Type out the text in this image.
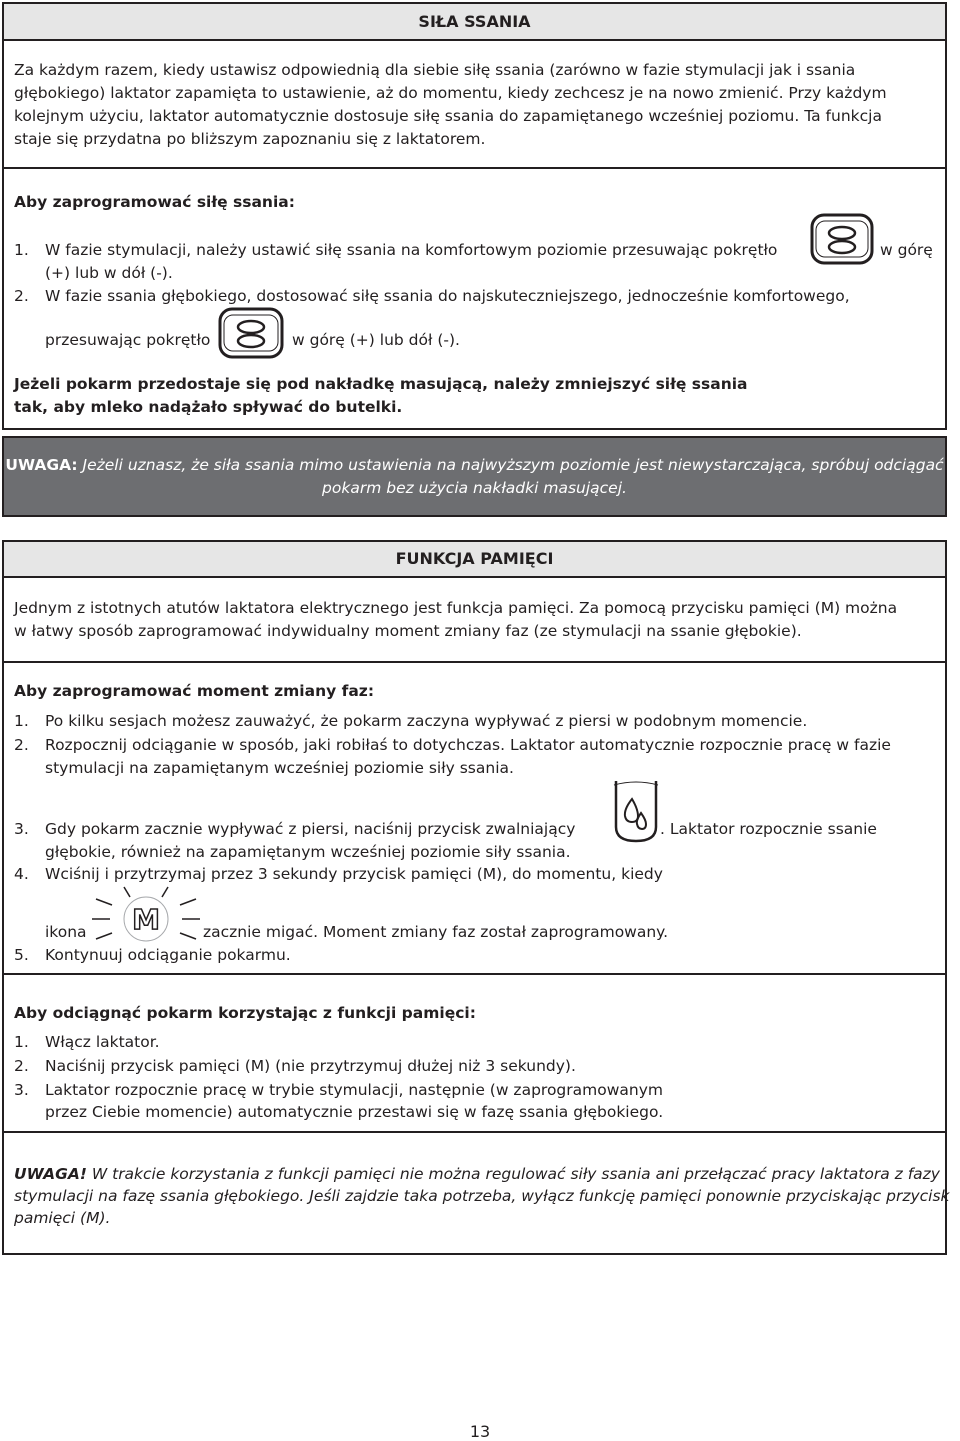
SIŁA SSANIA
Za każdym razem, kiedy ustawisz odpowiednią dla siebie siłę ssania (zarówno w fazie stymulacji jak i ssania
głębokiego) laktator zapamięta to ustawienie, aż do momentu, kiedy zechcesz je na nowo zmienić. Przy każdym
kolejnym użyciu, laktator automatycznie dostosuje siłę ssania do zapamiętanego wcześniej poziomu. Ta funkcja
staje się przydatna po bliższym zapoznaniu się z laktatorem.
Aby zaprogramować siłę ssania:
1. W fazie stymulacji, należy ustawić siłę ssania na komfortowym poziomie przesuwając pokrętło	w górę
(+) lub w dół (-).
2. W fazie ssania głębokiego, dostosować siłę ssania do najskuteczniejszego, jednocześnie komfortowego,
przesuwając pokrętło	w górę (+) lub dół (-).
Jeżeli pokarm przedostaje się pod nakładkę masującą, należy zmniejszyć siłę ssania
tak, aby mleko nadążało spływać do butelki.
UWAGA: Jeżeli uznasz, że siła ssania mimo ustawienia na najwyższym poziomie jest niewystarczająca, spróbuj odciągać
pokarm bez użycia nakładki masującej.
FUNKCJA PAMIĘCI
Jednym z istotnych atutów laktatora elektrycznego jest funkcja pamięci. Za pomocą przycisku pamięci (M) można
w łatwy sposób zaprogramować indywidualny moment zmiany faz (ze stymulacji na ssanie głębokie).
Aby zaprogramować moment zmiany faz:
1. Po kilku sesjach możesz zauważyć, że pokarm zaczyna wypływać z piersi w podobnym momencie.
2. Rozpocznij odciąganie w sposób, jaki robiłaś to dotychczas. Laktator automatycznie rozpocznie pracę w fazie
stymulacji na zapamiętanym wcześniej poziomie siły ssania.
3. Gdy pokarm zacznie wypływać z piersi, naciśnij przycisk zwalniający	. Laktator rozpocznie ssanie
głębokie, również na zapamiętanym wcześniej poziomie siły ssania.
4. Wciśnij i przytrzymaj przez 3 sekundy przycisk pamięci (M), do momentu, kiedy
ikona M	zacznie migać. Moment zmiany faz został zaprogramowany.
5. Kontynuuj odciąganie pokarmu.
Aby odciągnąć pokarm korzystając z funkcji pamięci:
1. Włącz laktator.
2. Naciśnij przycisk pamięci (M) (nie przytrzymuj dłużej niż 3 sekundy).
3. Laktator rozpocznie pracę w trybie stymulacji, następnie (w zaprogramowanym
przez Ciebie momencie) automatycznie przestawi się w fazę ssania głębokiego.
UWAGA! W trakcie korzystania z funkcji pamięci nie można regulować siły ssania ani przełączać pracy laktatora z fazy
stymulacji na fazę ssania głębokiego. Jeśli zajdzie taka potrzeba, wyłącz funkcję pamięci ponownie przyciskając przycisk
pamięci (M).
13
